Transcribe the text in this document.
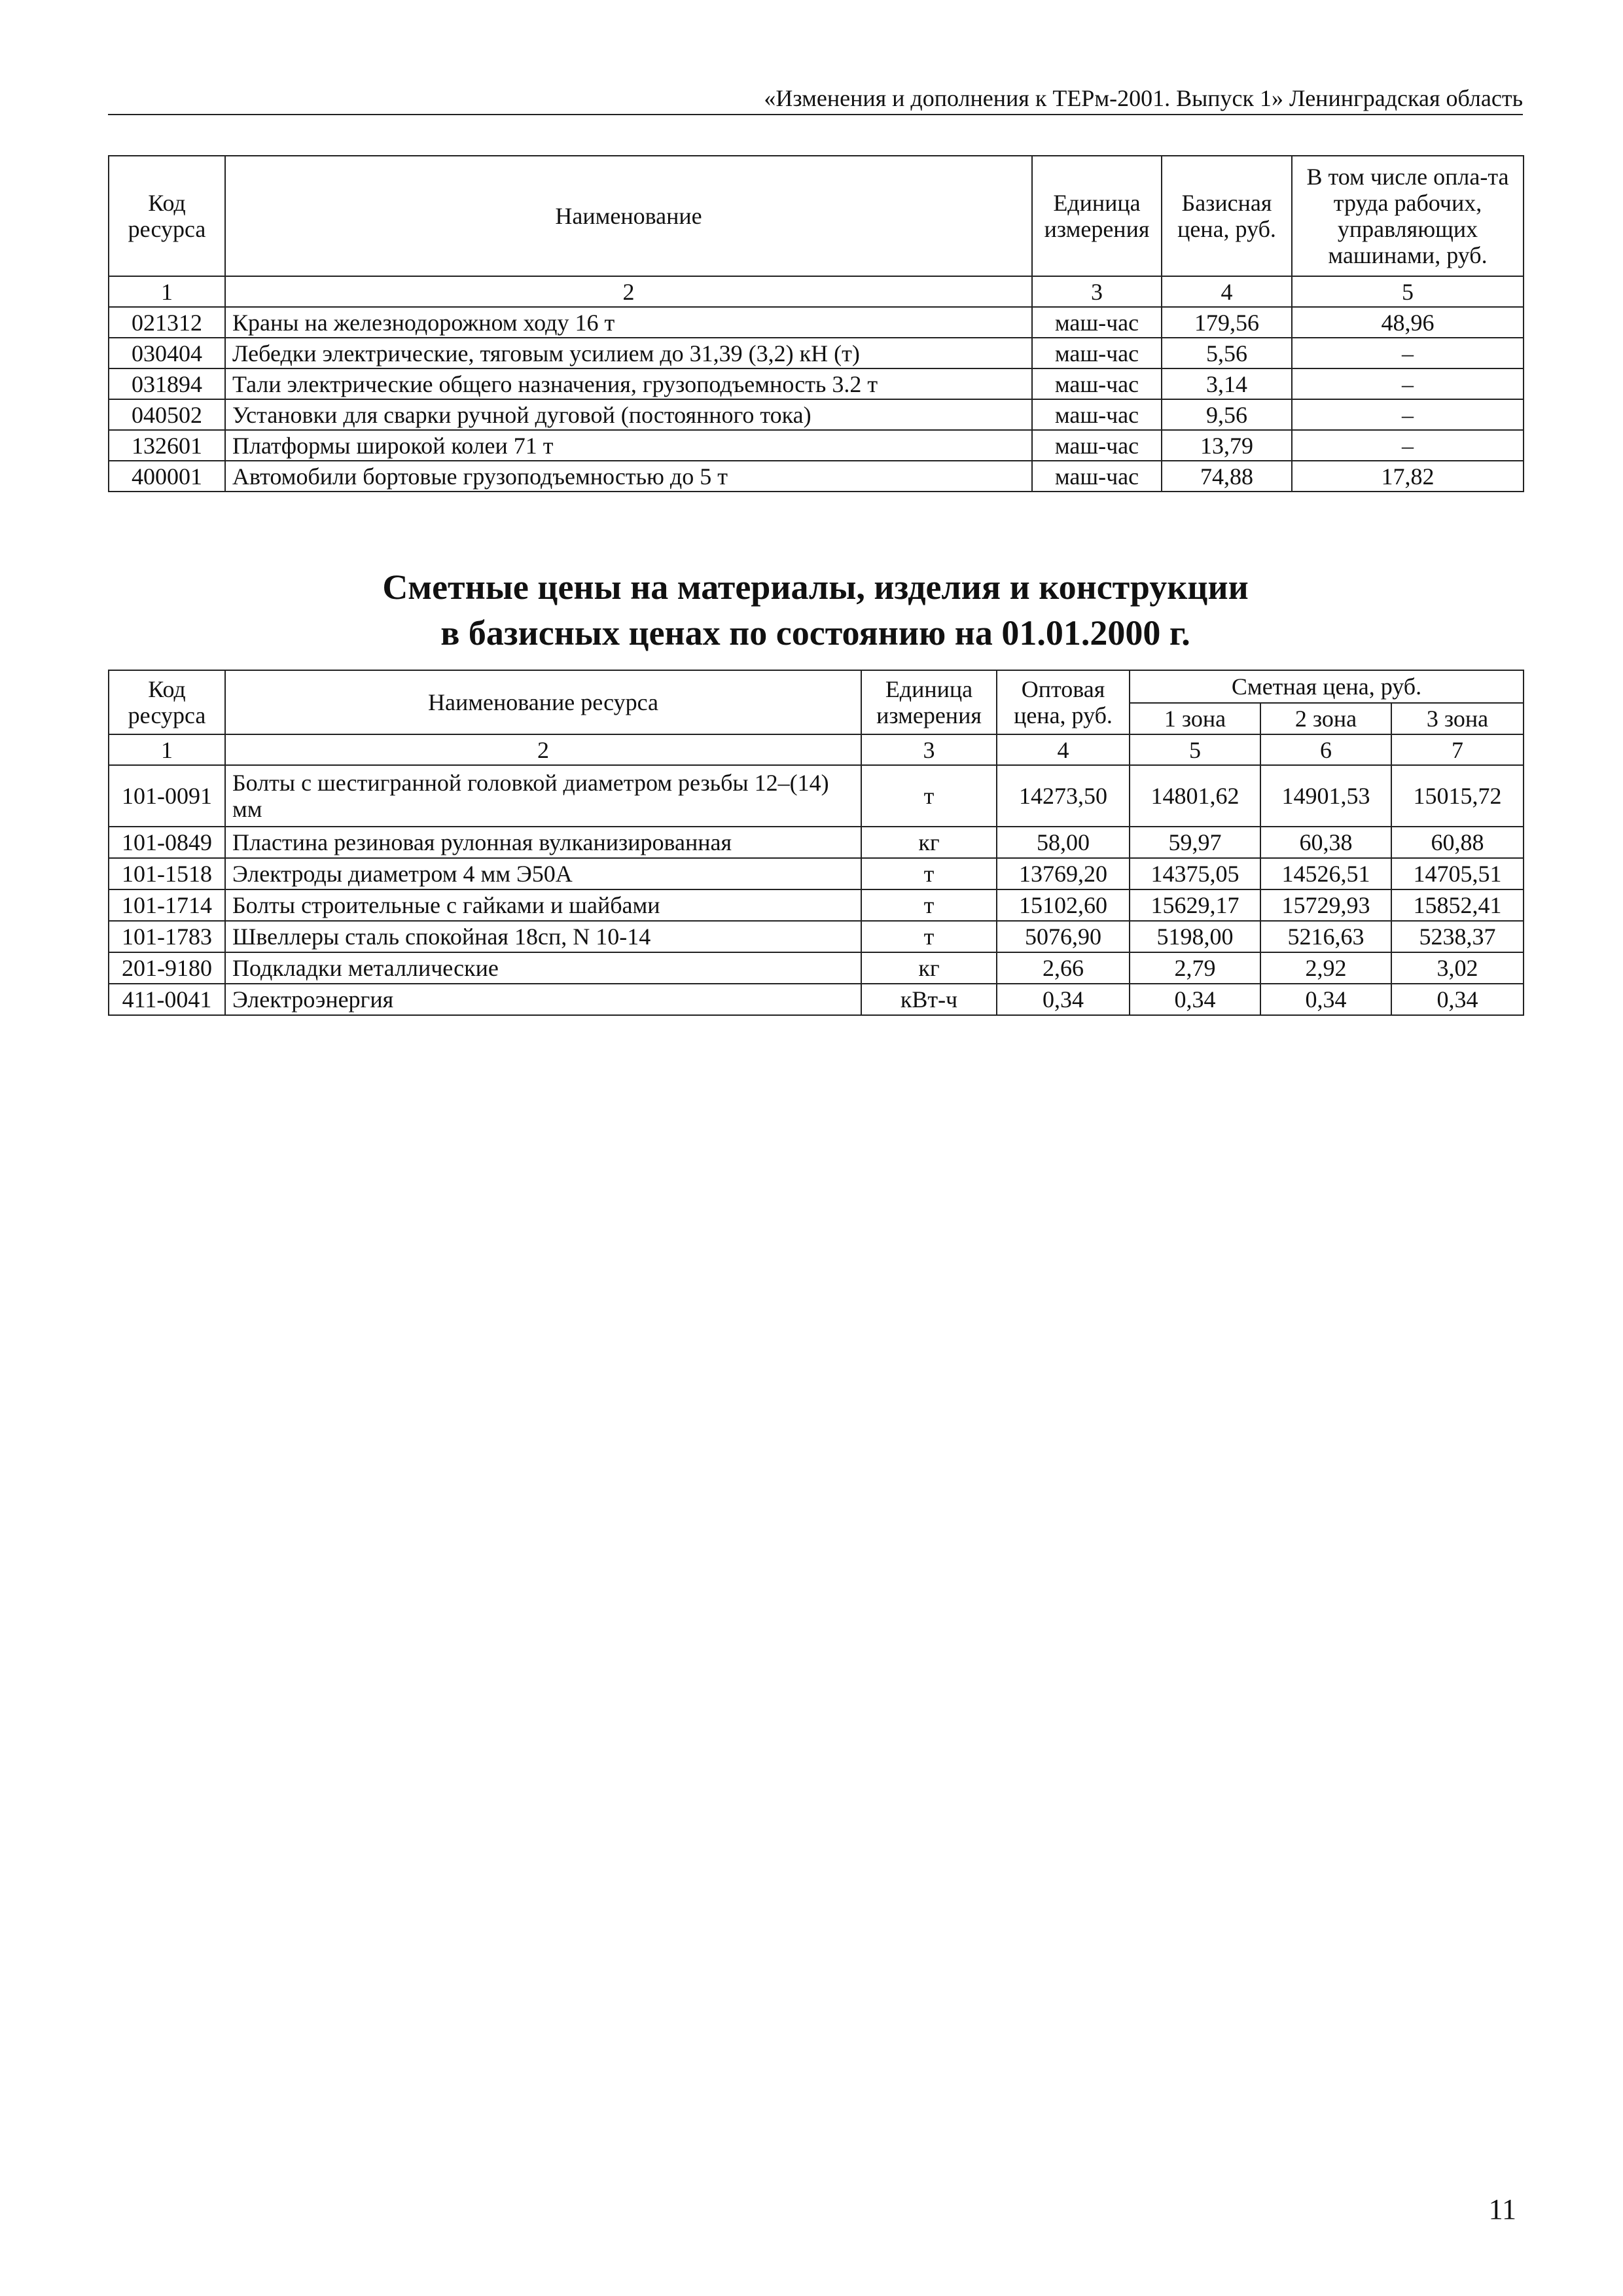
«Изменения и дополнения к ТЕРм-2001. Выпуск 1» Ленинградская область
Код ресурса	Наименование	Единица измерения	Базисная цена, руб.	В том числе опла-та труда рабочих, управляющих машинами, руб.
1	2	3	4	5
021312	Краны на железнодорожном ходу 16 т	маш-час	179,56	48,96
030404	Лебедки электрические, тяговым усилием до 31,39 (3,2) кН (т)	маш-час	5,56	–
031894	Тали электрические общего назначения, грузоподъемность 3.2 т	маш-час	3,14	–
040502	Установки для сварки ручной дуговой (постоянного тока)	маш-час	9,56	–
132601	Платформы широкой колеи 71 т	маш-час	13,79	–
400001	Автомобили бортовые грузоподъемностью до 5 т	маш-час	74,88	17,82
Сметные цены на материалы, изделия и конструкции
в базисных ценах по состоянию на 01.01.2000 г.
Код ресурса	Наименование ресурса	Единица измерения	Оптовая цена, руб.	Сметная цена, руб.		
				1 зона	2 зона	3 зона
1	2	3	4	5	6	7
101-0091	Болты с шестигранной головкой диаметром резьбы 12–(14) мм	т	14273,50	14801,62	14901,53	15015,72
101-0849	Пластина резиновая рулонная вулканизированная	кг	58,00	59,97	60,38	60,88
101-1518	Электроды диаметром 4 мм Э50А	т	13769,20	14375,05	14526,51	14705,51
101-1714	Болты строительные с гайками и шайбами	т	15102,60	15629,17	15729,93	15852,41
101-1783	Швеллеры сталь спокойная 18сп, N 10-14	т	5076,90	5198,00	5216,63	5238,37
201-9180	Подкладки металлические	кг	2,66	2,79	2,92	3,02
411-0041	Электроэнергия	кВт-ч	0,34	0,34	0,34	0,34
11
